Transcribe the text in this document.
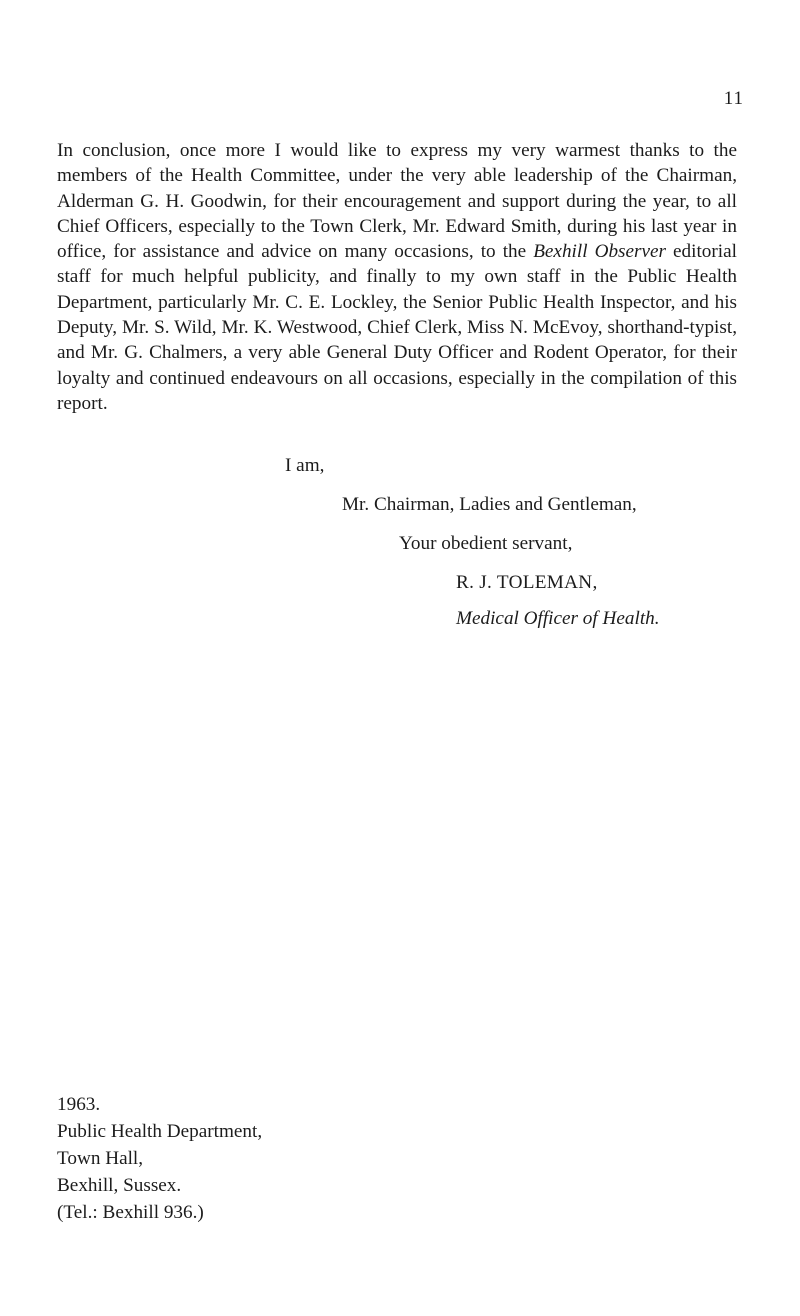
11

In conclusion, once more I would like to express my very warmest thanks to the members of the Health Committee, under the very able leadership of the Chairman, Alderman G. H. Goodwin, for their encouragement and support during the year, to all Chief Officers, especially to the Town Clerk, Mr. Edward Smith, during his last year in office, for assistance and advice on many occasions, to the Bexhill Observer editorial staff for much helpful publicity, and finally to my own staff in the Public Health Department, particularly Mr. C. E. Lockley, the Senior Public Health Inspector, and his Deputy, Mr. S. Wild, Mr. K. Westwood, Chief Clerk, Miss N. McEvoy, shorthand-typist, and Mr. G. Chalmers, a very able General Duty Officer and Rodent Operator, for their loyalty and continued endeavours on all occasions, especially in the compilation of this report.

I am,
Mr. Chairman, Ladies and Gentleman,
Your obedient servant,
R. J. TOLEMAN,
Medical Officer of Health.
1963.
Public Health Department,
Town Hall,
Bexhill, Sussex.
(Tel.: Bexhill 936.)
